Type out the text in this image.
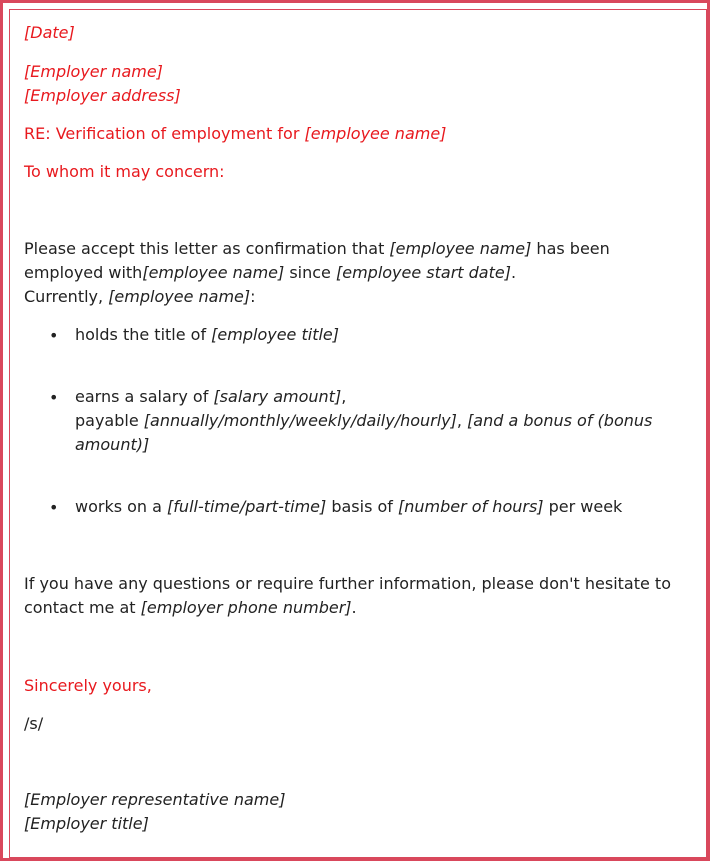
[Date]
[Employer name]
[Employer address]
RE: Verification of employment for [employee name]
To whom it may concern:
Please accept this letter as confirmation that [employee name] has been
employed with[employee name] since [employee start date].
Currently, [employee name]:
• holds the title of [employee title]
• earns a salary of [salary amount],
payable [annually/monthly/weekly/daily/hourly], [and a bonus of (bonus
amount)]
• works on a [full-time/part-time] basis of [number of hours] per week
If you have any questions or require further information, please don't hesitate to
contact me at [employer phone number].
Sincerely yours,
/s/
[Employer representative name]
[Employer title]
